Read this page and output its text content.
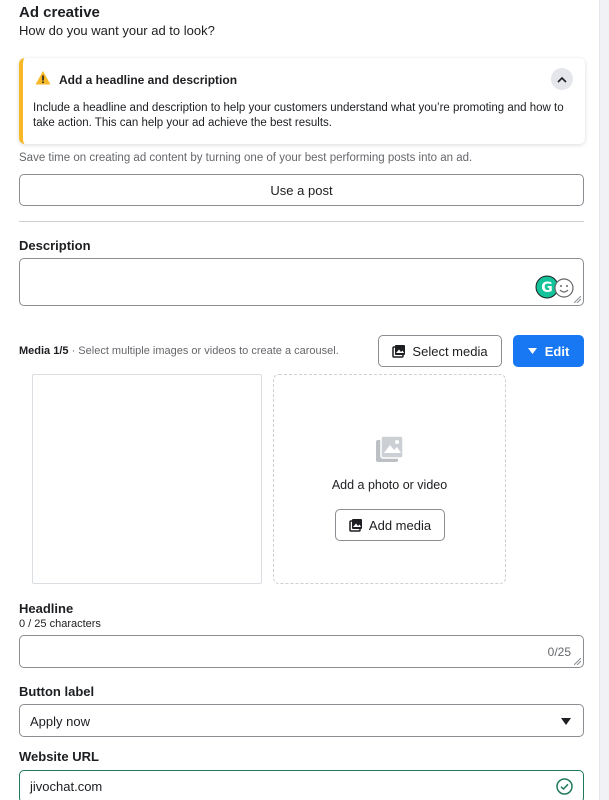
Ad creative
How do you want your ad to look?
Add a headline and description
Include a headline and description to help your customers understand what you’re promoting and how to take action. This can help your ad achieve the best results.
Save time on creating ad content by turning one of your best performing posts into an ad.
Use a post
Description
G
Media 1/5 · Select multiple images or videos to create a carousel.	Select media	Edit
Add a photo or video
Add media
Headline
0 / 25 characters
0/25
Button label
Apply now
Website URL
jivochat.com
